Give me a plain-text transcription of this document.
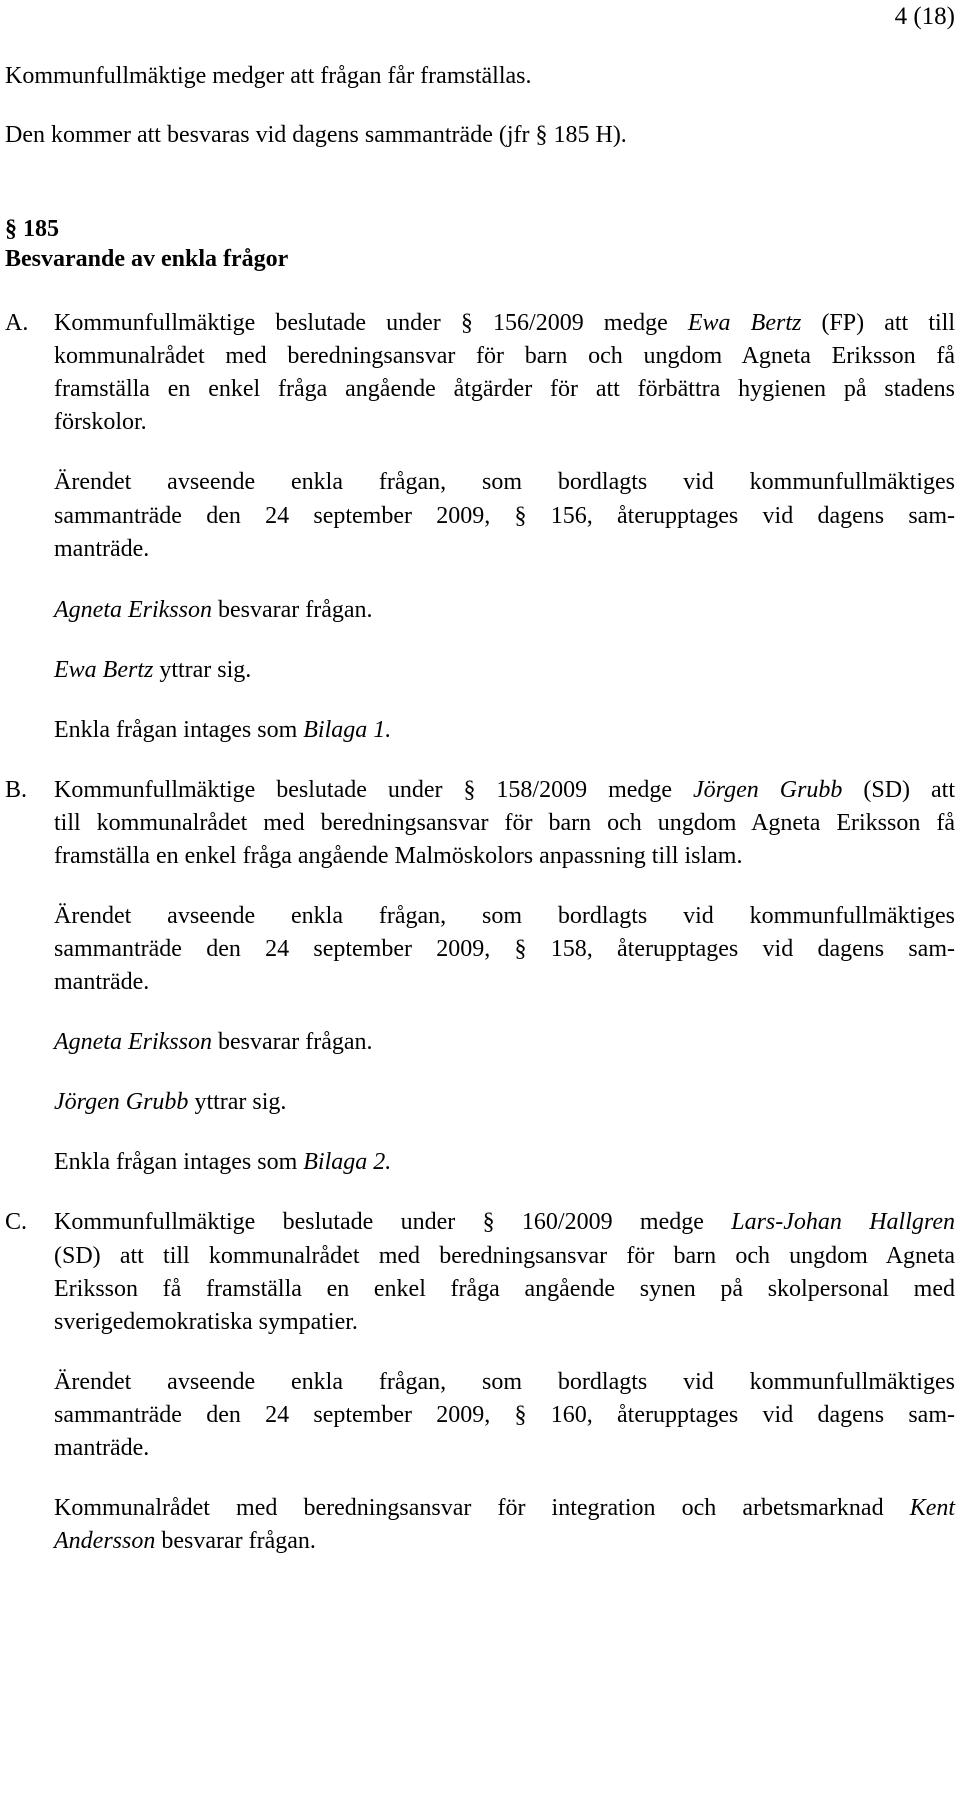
4 (18)
Kommunfullmäktige medger att frågan får framställas.
Den kommer att besvaras vid dagens sammanträde (jfr § 185 H).
§ 185
Besvarande av enkla frågor
A. Kommunfullmäktige beslutade under § 156/2009 medge Ewa Bertz (FP) att till
kommunalrådet med beredningsansvar för barn och ungdom Agneta Eriksson få
framställa en enkel fråga angående åtgärder för att förbättra hygienen på stadens
förskolor.
Ärendet avseende enkla frågan, som bordlagts vid kommunfullmäktiges
sammanträde den 24 september 2009, § 156, återupptages vid dagens sam-
manträde.
Agneta Eriksson besvarar frågan.
Ewa Bertz yttrar sig.
Enkla frågan intages som Bilaga 1.
B. Kommunfullmäktige beslutade under § 158/2009 medge Jörgen Grubb (SD) att
till kommunalrådet med beredningsansvar för barn och ungdom Agneta Eriksson få
framställa en enkel fråga angående Malmöskolors anpassning till islam.
Ärendet avseende enkla frågan, som bordlagts vid kommunfullmäktiges
sammanträde den 24 september 2009, § 158, återupptages vid dagens sam-
manträde.
Agneta Eriksson besvarar frågan.
Jörgen Grubb yttrar sig.
Enkla frågan intages som Bilaga 2.
C. Kommunfullmäktige beslutade under § 160/2009 medge Lars-Johan Hallgren
(SD) att till kommunalrådet med beredningsansvar för barn och ungdom Agneta
Eriksson få framställa en enkel fråga angående synen på skolpersonal med
sverigedemokratiska sympatier.
Ärendet avseende enkla frågan, som bordlagts vid kommunfullmäktiges
sammanträde den 24 september 2009, § 160, återupptages vid dagens sam-
manträde.
Kommunalrådet med beredningsansvar för integration och arbetsmarknad Kent
Andersson besvarar frågan.
